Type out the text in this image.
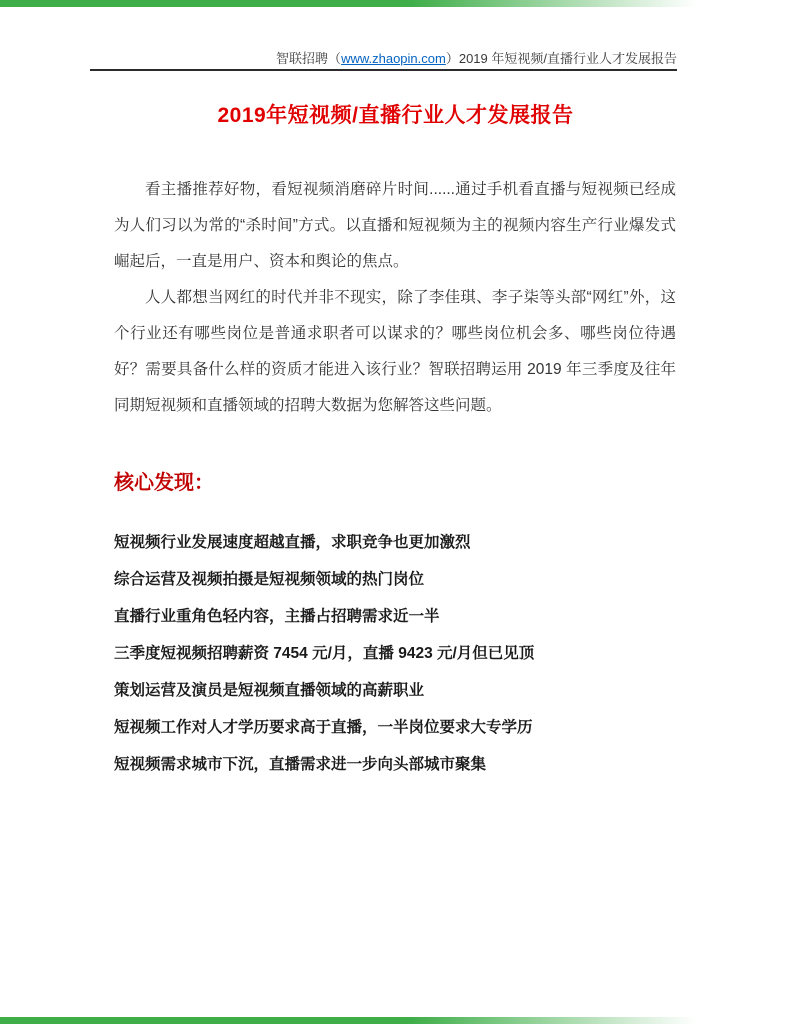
智联招聘（www.zhaopin.com）2019 年短视频/直播行业人才发展报告
2019年短视频/直播行业人才发展报告

看主播推荐好物，看短视频消磨碎片时间......通过手机看直播与短视频已经成为人们习以为常的“杀时间”方式。以直播和短视频为主的视频内容生产行业爆发式崛起后，一直是用户、资本和舆论的焦点。

人人都想当网红的时代并非不现实，除了李佳琪、李子柒等头部“网红”外，这个行业还有哪些岗位是普通求职者可以谋求的？哪些岗位机会多、哪些岗位待遇好？需要具备什么样的资质才能进入该行业？智联招聘运用 2019 年三季度及往年同期短视频和直播领域的招聘大数据为您解答这些问题。

核心发现：

短视频行业发展速度超越直播，求职竞争也更加激烈

综合运营及视频拍摄是短视频领域的热门岗位

直播行业重角色轻内容，主播占招聘需求近一半

三季度短视频招聘薪资 7454 元/月，直播 9423 元/月但已见顶

策划运营及演员是短视频直播领域的高薪职业

短视频工作对人才学历要求高于直播，一半岗位要求大专学历

短视频需求城市下沉，直播需求进一步向头部城市聚集
